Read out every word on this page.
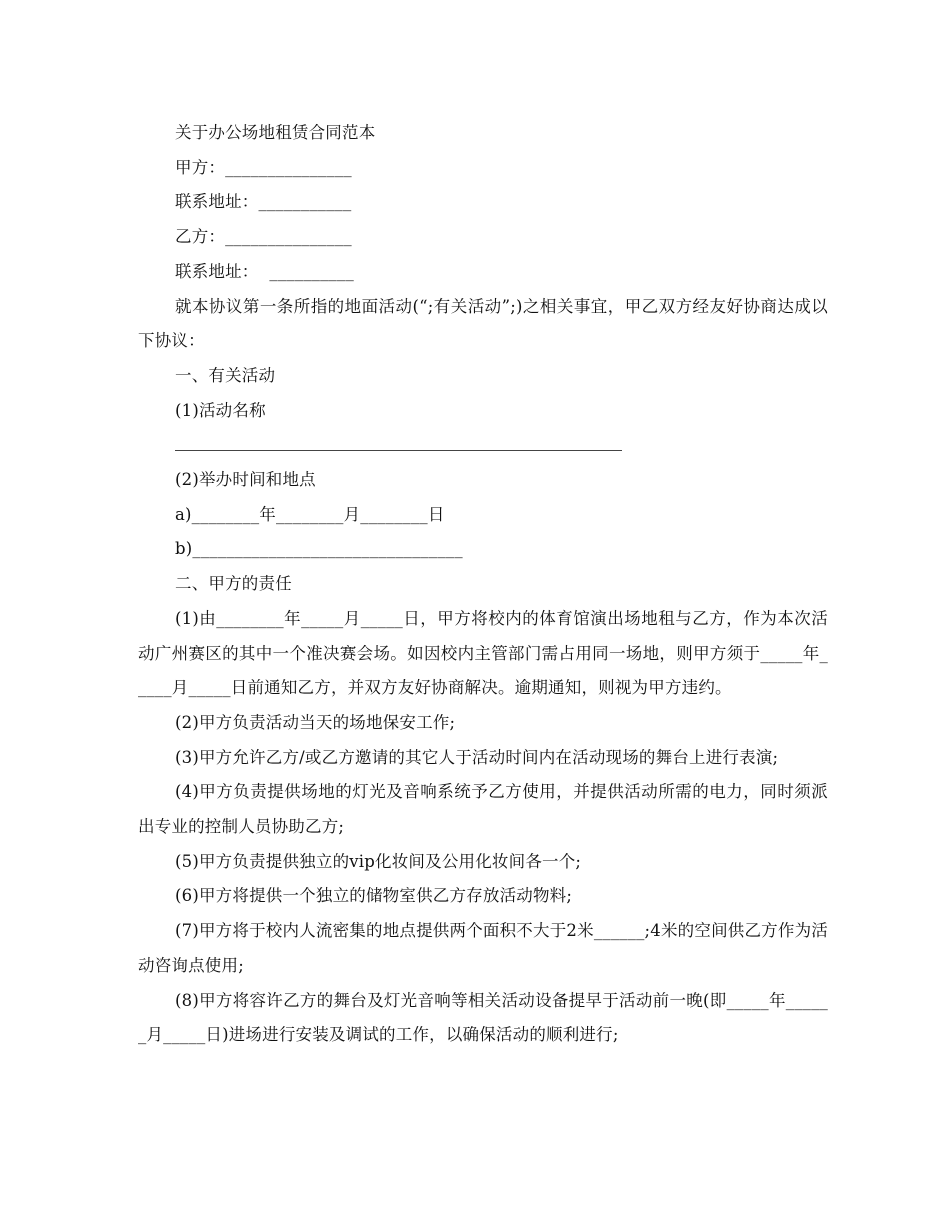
关于办公场地租赁合同范本

甲方：_______________

联系地址：___________

乙方：_______________

联系地址：  __________

就本协议第一条所指的地面活动(“;有关活动”;)之相关事宜，甲乙双方经友好协商达成以下协议：

一、有关活动

(1)活动名称

(2)举办时间和地点

a)________年________月________日

b)________________________________

二、甲方的责任

(1)由________年_____月_____日，甲方将校内的体育馆演出场地租与乙方，作为本次活动广州赛区的其中一个准决赛会场。如因校内主管部门需占用同一场地，则甲方须于_____年_____月_____日前通知乙方，并双方友好协商解决。逾期通知，则视为甲方违约。

(2)甲方负责活动当天的场地保安工作;

(3)甲方允许乙方/或乙方邀请的其它人于活动时间内在活动现场的舞台上进行表演;

(4)甲方负责提供场地的灯光及音响系统予乙方使用，并提供活动所需的电力，同时须派出专业的控制人员协助乙方;

(5)甲方负责提供独立的vip化妆间及公用化妆间各一个;

(6)甲方将提供一个独立的储物室供乙方存放活动物料;

(7)甲方将于校内人流密集的地点提供两个面积不大于2米______;4米的空间供乙方作为活动咨询点使用;

(8)甲方将容许乙方的舞台及灯光音响等相关活动设备提早于活动前一晚(即_____年______月_____日)进场进行安装及调试的工作，以确保活动的顺利进行;
